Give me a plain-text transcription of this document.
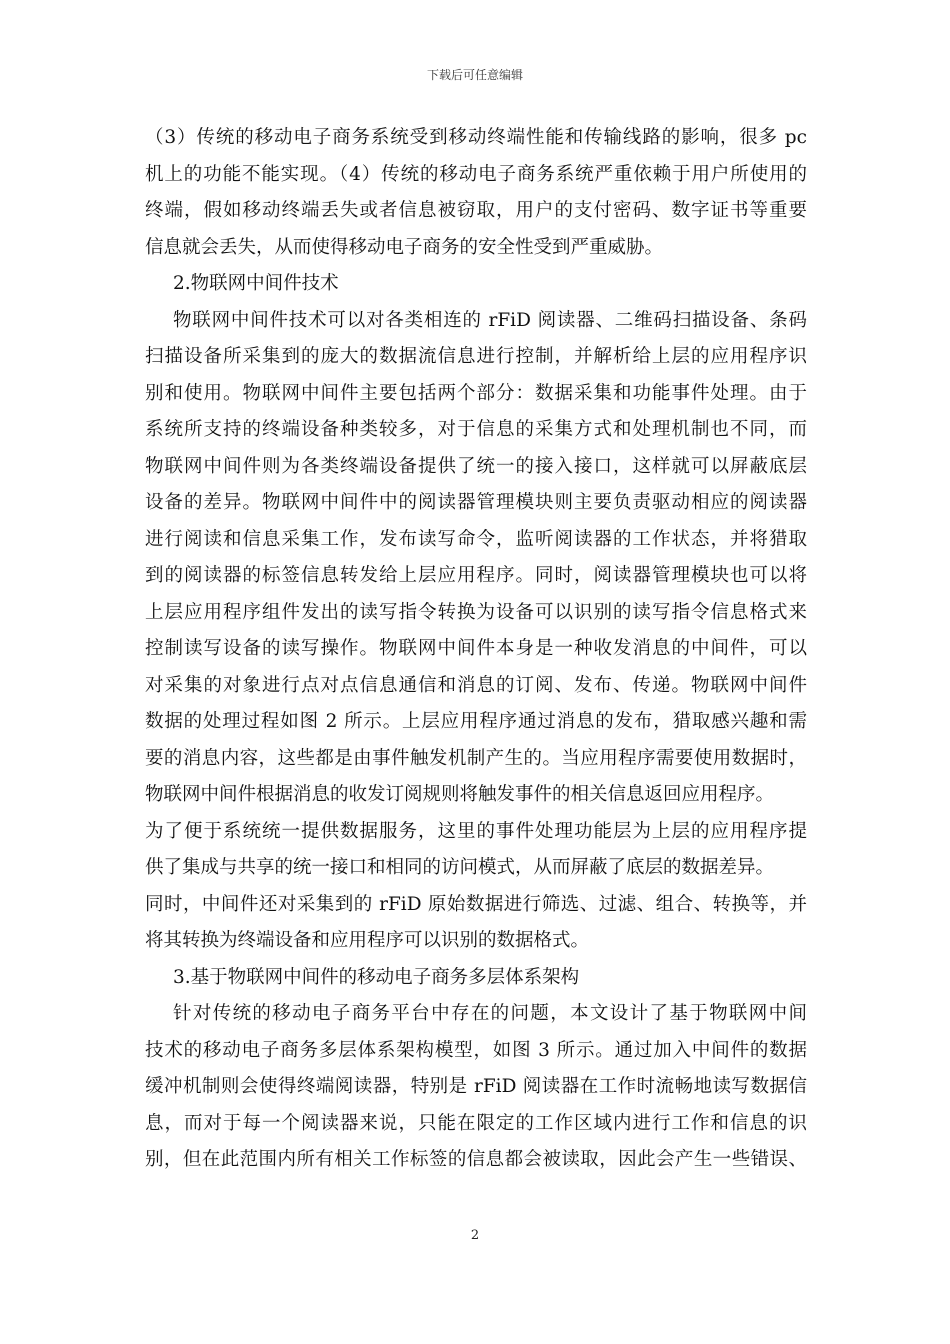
下载后可任意编辑
（3）传统的移动电子商务系统受到移动终端性能和传输线路的影响，很多 pc
机上的功能不能实现。（4）传统的移动电子商务系统严重依赖于用户所使用的
终端，假如移动终端丢失或者信息被窃取，用户的支付密码、数字证书等重要
信息就会丢失，从而使得移动电子商务的安全性受到严重威胁。
2.物联网中间件技术
物联网中间件技术可以对各类相连的 rFiD 阅读器、二维码扫描设备、条码
扫描设备所采集到的庞大的数据流信息进行控制，并解析给上层的应用程序识
别和使用。物联网中间件主要包括两个部分：数据采集和功能事件处理。由于
系统所支持的终端设备种类较多，对于信息的采集方式和处理机制也不同，而
物联网中间件则为各类终端设备提供了统一的接入接口，这样就可以屏蔽底层
设备的差异。物联网中间件中的阅读器管理模块则主要负责驱动相应的阅读器
进行阅读和信息采集工作，发布读写命令，监听阅读器的工作状态，并将猎取
到的阅读器的标签信息转发给上层应用程序。同时，阅读器管理模块也可以将
上层应用程序组件发出的读写指令转换为设备可以识别的读写指令信息格式来
控制读写设备的读写操作。物联网中间件本身是一种收发消息的中间件，可以
对采集的对象进行点对点信息通信和消息的订阅、发布、传递。物联网中间件
数据的处理过程如图 2 所示。上层应用程序通过消息的发布，猎取感兴趣和需
要的消息内容，这些都是由事件触发机制产生的。当应用程序需要使用数据时，
物联网中间件根据消息的收发订阅规则将触发事件的相关信息返回应用程序。
为了便于系统统一提供数据服务，这里的事件处理功能层为上层的应用程序提
供了集成与共享的统一接口和相同的访问模式，从而屏蔽了底层的数据差异。
同时，中间件还对采集到的 rFiD 原始数据进行筛选、过滤、组合、转换等，并
将其转换为终端设备和应用程序可以识别的数据格式。
3.基于物联网中间件的移动电子商务多层体系架构
针对传统的移动电子商务平台中存在的问题，本文设计了基于物联网中间
技术的移动电子商务多层体系架构模型，如图 3 所示。通过加入中间件的数据
缓冲机制则会使得终端阅读器，特别是 rFiD 阅读器在工作时流畅地读写数据信
息，而对于每一个阅读器来说，只能在限定的工作区域内进行工作和信息的识
别，但在此范围内所有相关工作标签的信息都会被读取，因此会产生一些错误、
2
